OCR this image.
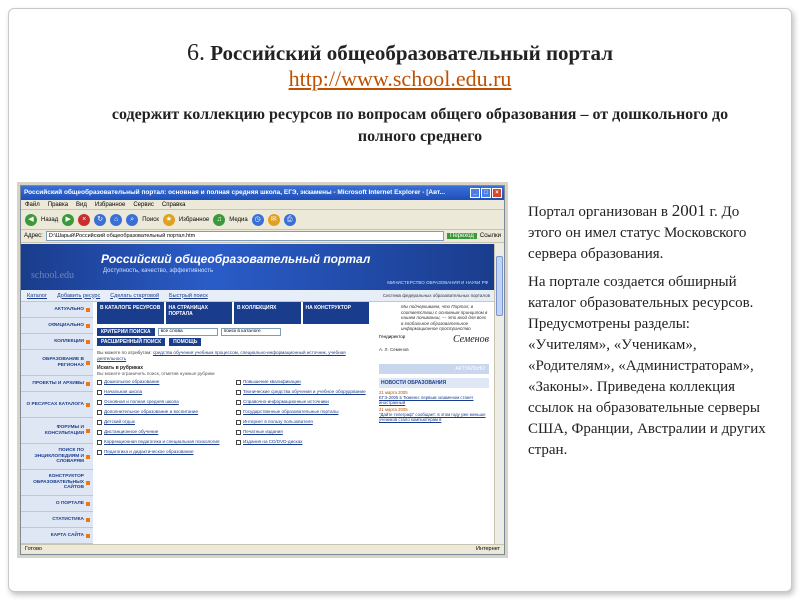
6. Российский общеобразовательный портал
http://www.school.edu.ru
содержит коллекцию ресурсов по вопросам общего образования – от дошкольного до полного среднего
Российский общеобразовательный портал: основная и полная средняя школа, ЕГЭ, экзамены - Microsoft Internet Explorer - [Авт...	_	□	×
Файл Правка Вид Избранное Сервис Справка
◀	Назад	▶	×	↻	⌂	⌕	Поиск ★	Избранное	♫	Медиа ◷	✉	⎙
Адрес:	D:\Шарый\Российский общеобразовательный портал.htm	Переход	Ссылки
school.edu
Российский общеобразовательный портал
Доступность, качество, эффективность
МИНИСТЕРСТВО ОБРАЗОВАНИЯ И НАУКИ РФ
Каталог Добавить ресурс Сделать стартовой Быстрый поиск	Система федеральных образовательных порталов
АКТУАЛЬНО
ОФИЦИАЛЬНО
КОЛЛЕКЦИИ
ОБРАЗОВАНИЕ В РЕГИОНАХ
ПРОЕКТЫ И АРХИВЫ
О РЕСУРСАХ КАТАЛОГА
ФОРУМЫ И КОНСУЛЬТАЦИИ
ПОИСК ПО ЭНЦИКЛОПЕДИЯМ И СЛОВАРЯМ
КОНСТРУКТОР ОБРАЗОВАТЕЛЬНЫХ САЙТОВ
О ПОРТАЛЕ
СТАТИСТИКА
КАРТА САЙТА
В КАТАЛОГЕ РЕСУРСОВ	НА СТРАНИЦАХ ПОРТАЛА
В КОЛЛЕКЦИЯХ	НА КОНСТРУКТОР
КРИТЕРИИ ПОИСКА	все слова	поиск в каталоге
РАСШИРЕННЫЙ ПОИСК	ПОМОЩЬ
Вы можете по атрибутам: средства обучения учебным процессом, специально-информационный источник, учебная деятельность
Искать в рубриках
Вы можете ограничить поиск, отметив нужные рубрики
Дошкольное образование	Повышение квалификации
Начальная школа	Технические средства обучения и учебное оборудование
Основная и полная средняя школа	Справочно-информационные источники
Дополнительное образование и воспитание	Государственные образовательные порталы
Детский отдых	Интернет в пользу пользователя
Дистанционное обучение	Печатные издания
Коррекционная педагогика и специальная психология	Издания на CD/DVD-дисках
Педагогика и дидактическое образование
Мы подчеркиваем, что Портал, в соответствии с основным принципом в нашем понимании, — это вход для всех в глобальное образовательное информационное пространство
Гендиректор	Семенов
А. Л. Семенов
АКТУАЛЬНО
НОВОСТИ ОБРАЗОВАНИЯ
21 марта 2005
ЕГЭ-2005 в Тюмени: первым экзаменом станет иностранный
21 марта 2005
"Дайте телеграф" сообщает: в этом году уже меньше учеников стало компьютерам в
Готово	Интернет

Портал организован в 2001 г. До этого он имел статус Московского сервера образования.

На портале создается обширный каталог образовательных ресурсов. Предусмотрены разделы: «Учителям», «Ученикам», «Родителям», «Администраторам», «Законы». Приведена коллекция ссылок на образовательные серверы США, Франции, Австралии и других стран.
